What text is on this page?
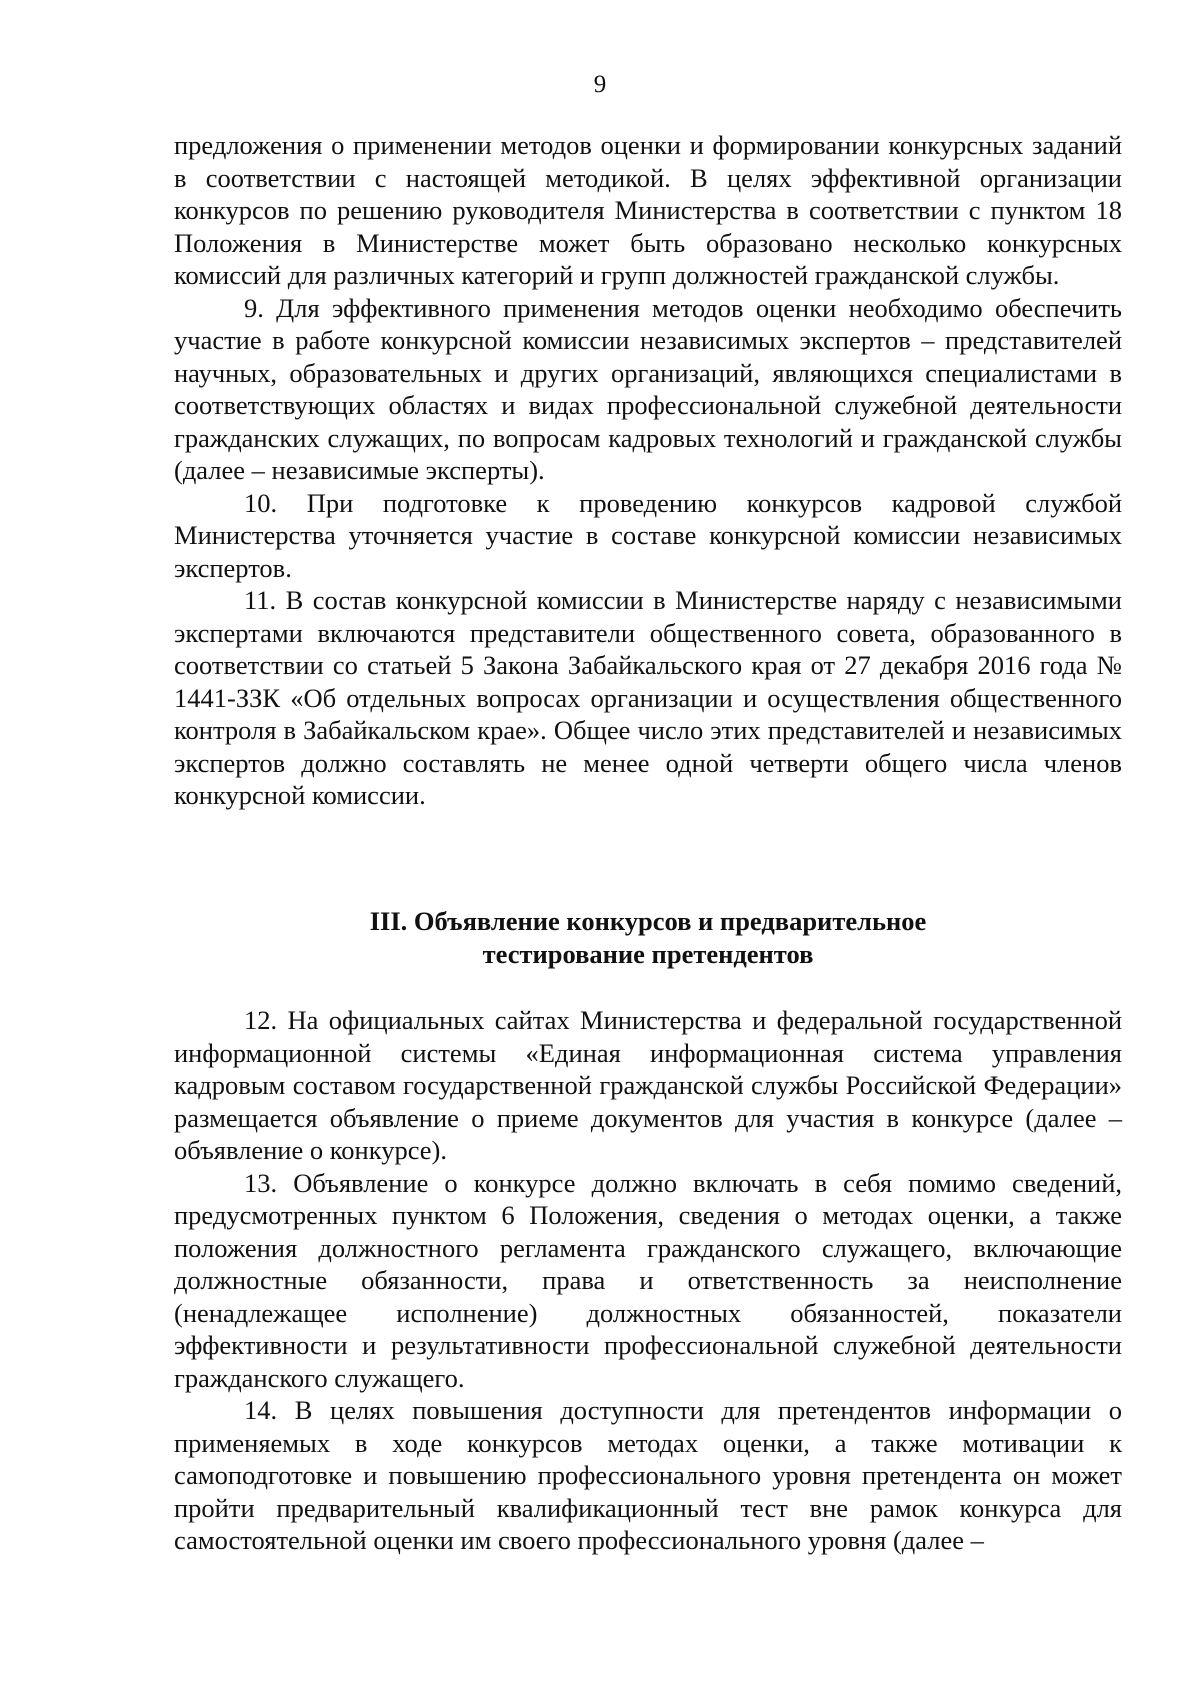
9

предложения о применении методов оценки и формировании конкурсных заданий в соответствии с настоящей методикой. В целях эффективной организации конкурсов по решению руководителя Министерства в соответствии с пунктом 18 Положения в Министерстве может быть образовано несколько конкурсных комиссий для различных категорий и групп должностей гражданской службы.

9. Для эффективного применения методов оценки необходимо обеспечить участие в работе конкурсной комиссии независимых экспертов – представителей научных, образовательных и других организаций, являющихся специалистами в соответствующих областях и видах профессиональной служебной деятельности гражданских служащих, по вопросам кадровых технологий и гражданской службы (далее – независимые эксперты).

10. При подготовке к проведению конкурсов кадровой службой Министерства уточняется участие в составе конкурсной комиссии независимых экспертов.

11. В состав конкурсной комиссии в Министерстве наряду с независимыми экспертами включаются представители общественного совета, образованного в соответствии со статьей 5 Закона Забайкальского края от 27 декабря 2016 года № 1441-ЗЗК «Об отдельных вопросах организации и осуществления общественного контроля в Забайкальском крае». Общее число этих представителей и независимых экспертов должно составлять не менее одной четверти общего числа членов конкурсной комиссии.

III. Объявление конкурсов и предварительное
тестирование претендентов

12. На официальных сайтах Министерства и федеральной государственной информационной системы «Единая информационная система управления кадровым составом государственной гражданской службы Российской Федерации» размещается объявление о приеме документов для участия в конкурсе (далее – объявление о конкурсе).

13. Объявление о конкурсе должно включать в себя помимо сведений, предусмотренных пунктом 6 Положения, сведения о методах оценки, а также положения должностного регламента гражданского служащего, включающие должностные обязанности, права и ответственность за неисполнение (ненадлежащее исполнение) должностных обязанностей, показатели эффективности и результативности профессиональной служебной деятельности гражданского служащего.

14. В целях повышения доступности для претендентов информации о применяемых в ходе конкурсов методах оценки, а также мотивации к самоподготовке и повышению профессионального уровня претендента он может пройти предварительный квалификационный тест вне рамок конкурса для самостоятельной оценки им своего профессионального уровня (далее –
